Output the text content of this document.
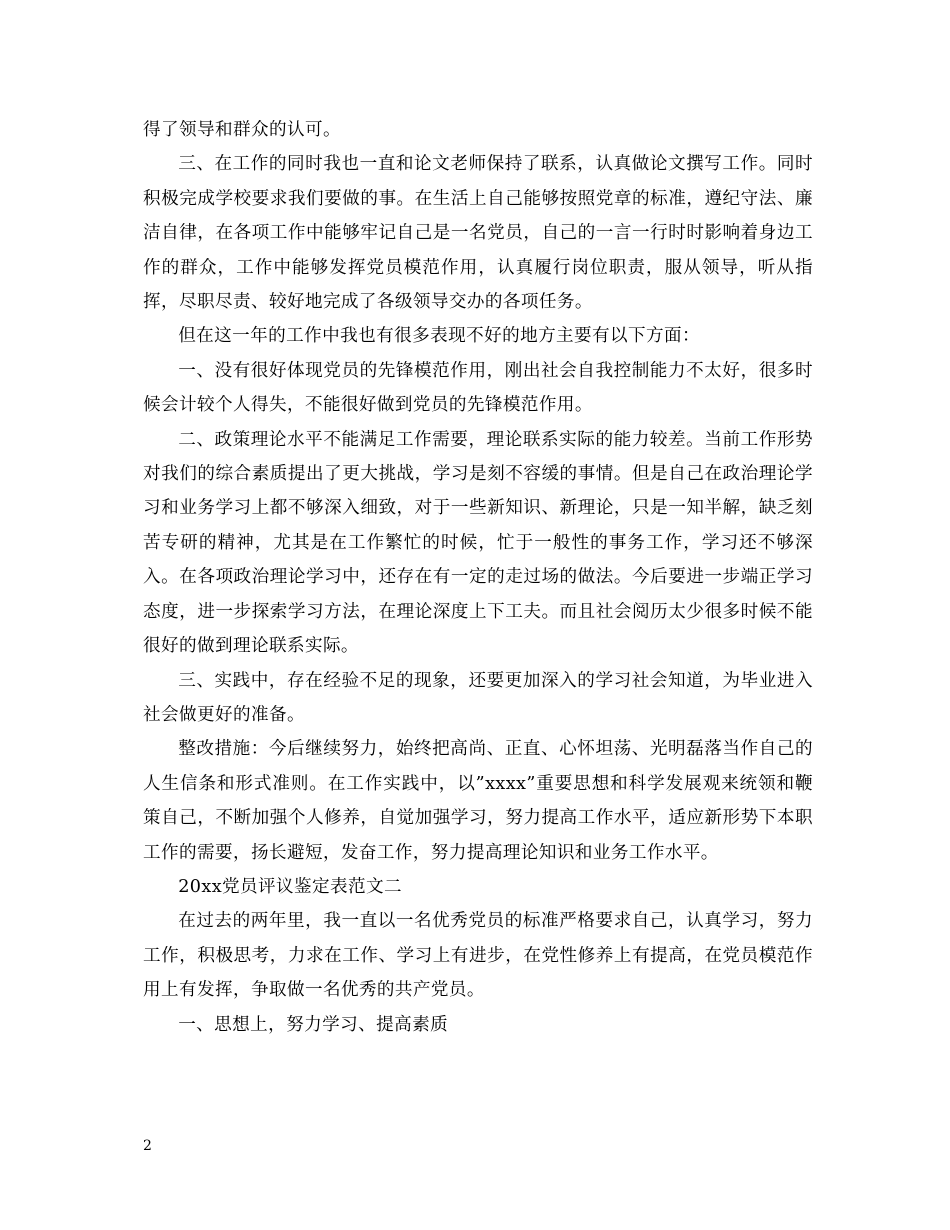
得了领导和群众的认可。

三、在工作的同时我也一直和论文老师保持了联系，认真做论文撰写工作。同时积极完成学校要求我们要做的事。在生活上自己能够按照党章的标准，遵纪守法、廉洁自律，在各项工作中能够牢记自己是一名党员，自己的一言一行时时影响着身边工作的群众，工作中能够发挥党员模范作用，认真履行岗位职责，服从领导，听从指挥，尽职尽责、较好地完成了各级领导交办的各项任务。

但在这一年的工作中我也有很多表现不好的地方主要有以下方面：

一、没有很好体现党员的先锋模范作用，刚出社会自我控制能力不太好，很多时候会计较个人得失，不能很好做到党员的先锋模范作用。

二、政策理论水平不能满足工作需要，理论联系实际的能力较差。当前工作形势对我们的综合素质提出了更大挑战，学习是刻不容缓的事情。但是自己在政治理论学习和业务学习上都不够深入细致，对于一些新知识、新理论，只是一知半解，缺乏刻苦专研的精神，尤其是在工作繁忙的时候，忙于一般性的事务工作，学习还不够深入。在各项政治理论学习中，还存在有一定的走过场的做法。今后要进一步端正学习态度，进一步探索学习方法，在理论深度上下工夫。而且社会阅历太少很多时候不能很好的做到理论联系实际。

三、实践中，存在经验不足的现象，还要更加深入的学习社会知道，为毕业进入社会做更好的准备。

整改措施：今后继续努力，始终把高尚、正直、心怀坦荡、光明磊落当作自己的人生信条和形式准则。在工作实践中，以”xxxx”重要思想和科学发展观来统领和鞭策自己，不断加强个人修养，自觉加强学习，努力提高工作水平，适应新形势下本职工作的需要，扬长避短，发奋工作，努力提高理论知识和业务工作水平。

20xx党员评议鉴定表范文二

在过去的两年里，我一直以一名优秀党员的标准严格要求自己，认真学习，努力工作，积极思考，力求在工作、学习上有进步，在党性修养上有提高，在党员模范作用上有发挥，争取做一名优秀的共产党员。

一、思想上，努力学习、提高素质

2
